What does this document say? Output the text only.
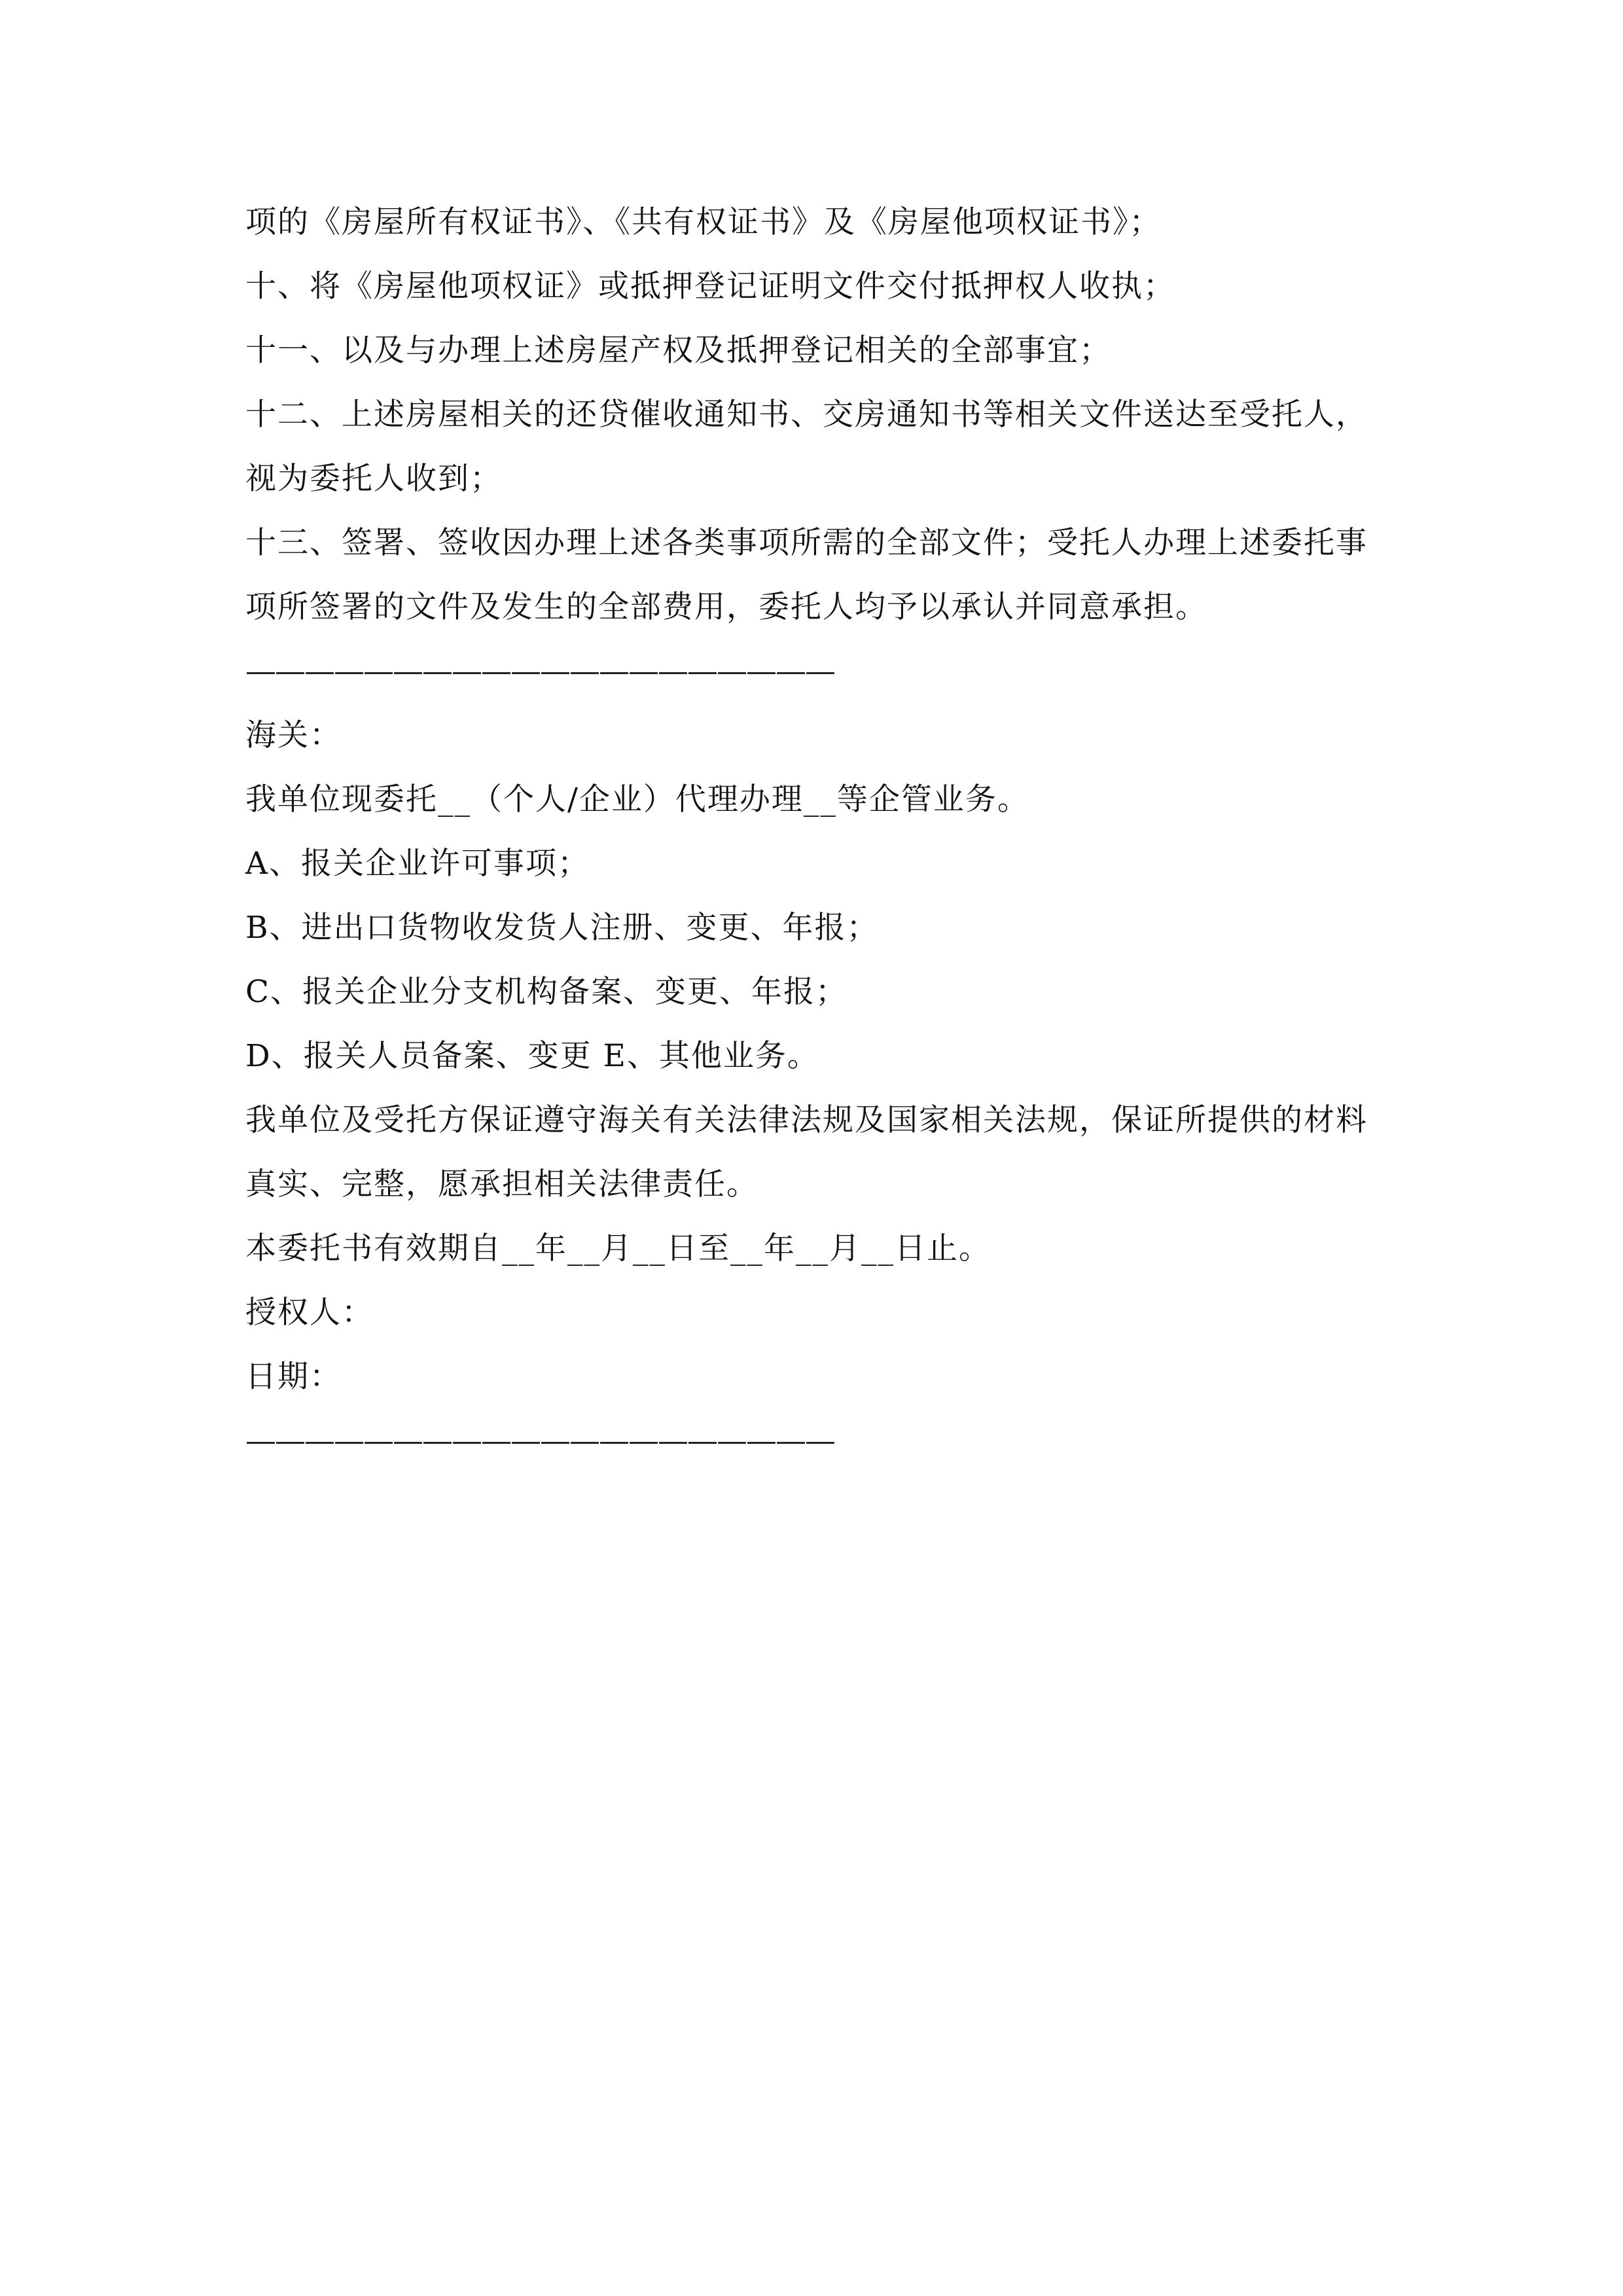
项的《房屋所有权证书》、《共有权证书》及《房屋他项权证书》；
十、将《房屋他项权证》或抵押登记证明文件交付抵押权人收执；
十一、以及与办理上述房屋产权及抵押登记相关的全部事宜；
十二、上述房屋相关的还贷催收通知书、交房通知书等相关文件送达至受托人，
视为委托人收到；
十三、签署、签收因办理上述各类事项所需的全部文件；受托人办理上述委托事
项所签署的文件及发生的全部费用，委托人均予以承认并同意承担。
————————————————————
海关：
我单位现委托__（个人/企业）代理办理__等企管业务。
A、报关企业许可事项；
B、进出口货物收发货人注册、变更、年报；
C、报关企业分支机构备案、变更、年报；
D、报关人员备案、变更 E、其他业务。
我单位及受托方保证遵守海关有关法律法规及国家相关法规，保证所提供的材料
真实、完整，愿承担相关法律责任。
本委托书有效期自__年__月__日至__年__月__日止。
授权人：
日期：
————————————————————
